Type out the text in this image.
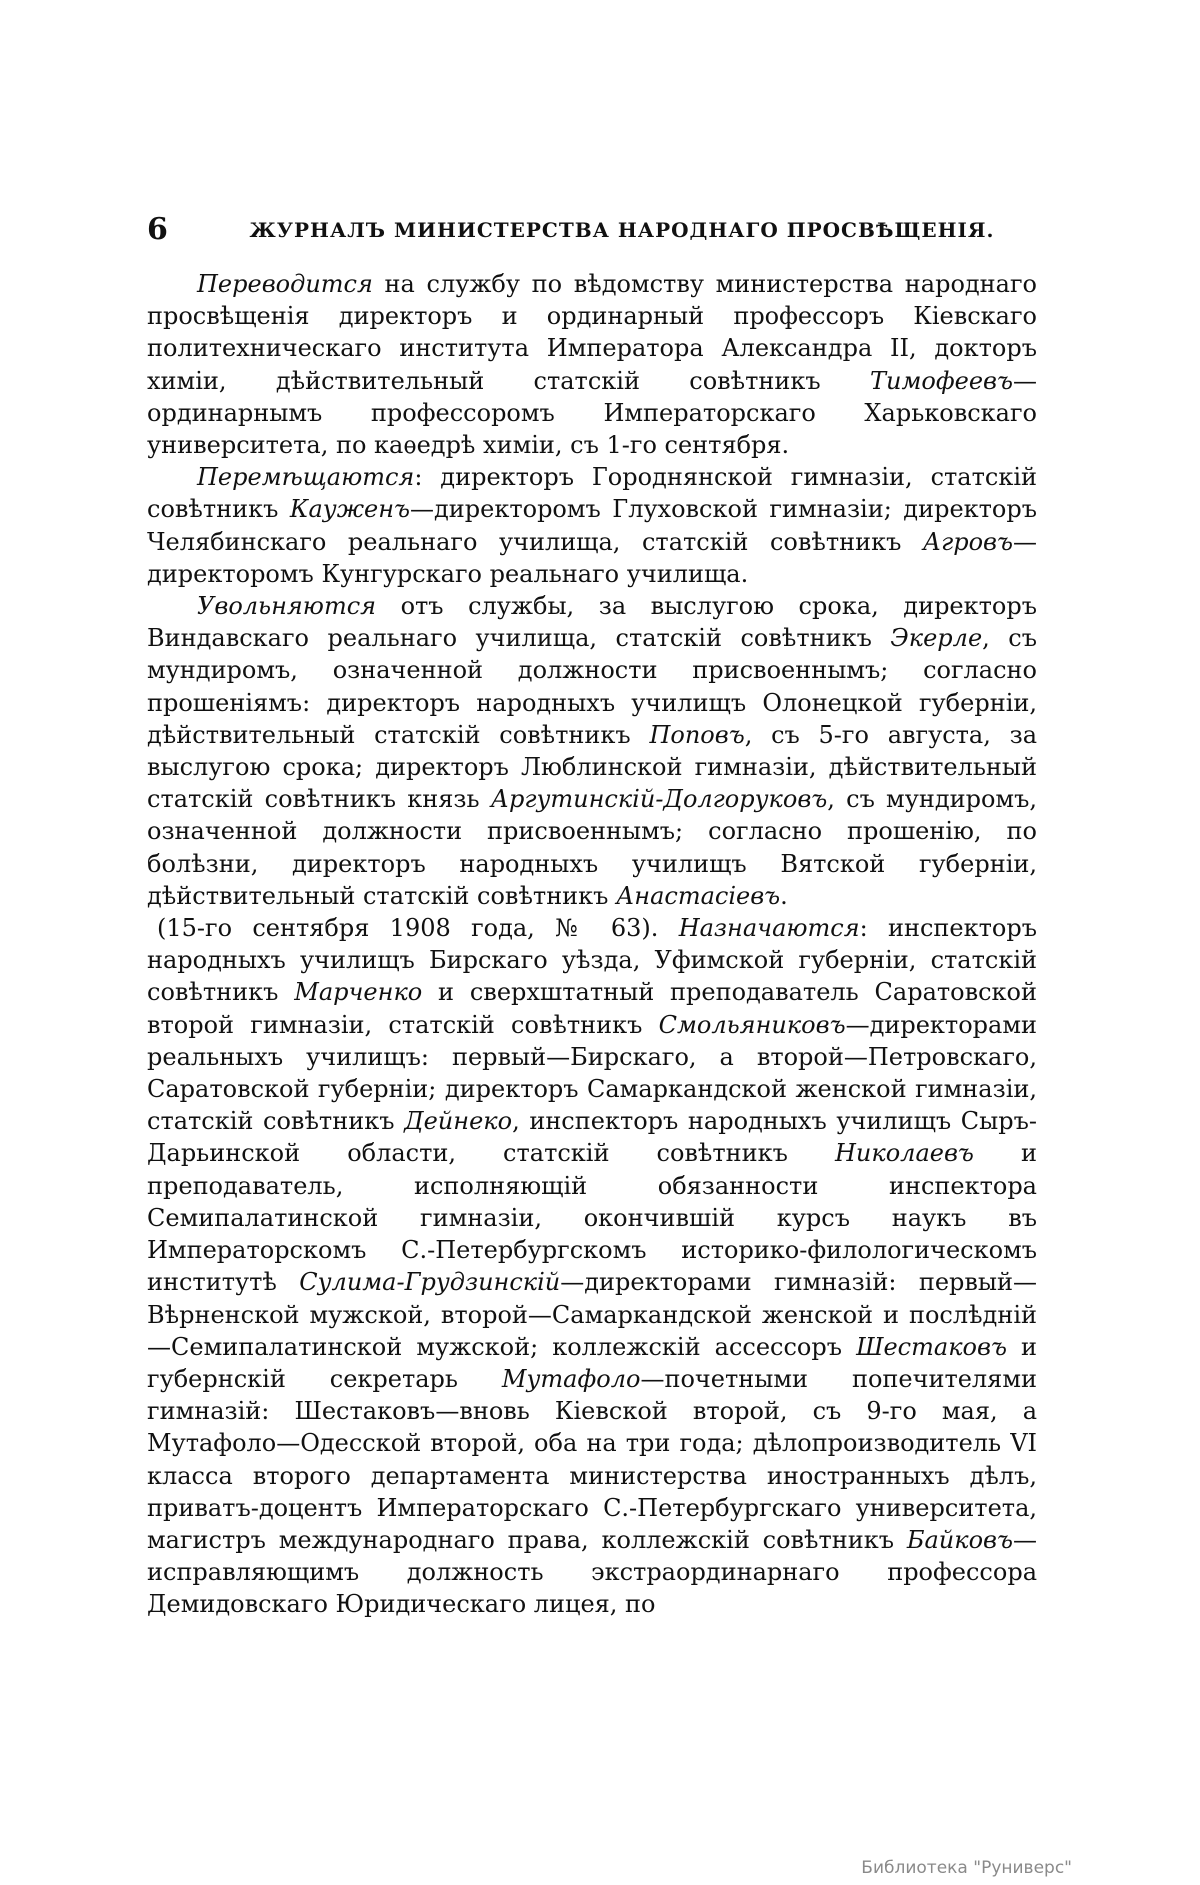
6	ЖУРНАЛЪ МИНИСТЕРСТВА НАРОДНАГО ПРОСВѢЩЕНІЯ.

Переводится на службу по вѣдомству министерства народнаго просвѣщенія директоръ и ординарный профессоръ Кіевскаго политехническаго института Императора Александра II, докторъ химіи, дѣйствительный статскій совѣтникъ Тимофеевъ—ординарнымъ профессоромъ Императорскаго Харьковскаго университета, по каѳедрѣ химіи, съ 1-го сентября.

Перемѣщаются: директоръ Городнянской гимназіи, статскій совѣтникъ Кауженъ—директоромъ Глуховской гимназіи; директоръ Челябинскаго реальнаго училища, статскій совѣтникъ Агровъ—директоромъ Кунгурскаго реальнаго училища.

Увольняются отъ службы, за выслугою срока, директоръ Виндавскаго реальнаго училища, статскій совѣтникъ Экерле, съ мундиромъ, означенной должности присвоеннымъ; согласно прошеніямъ: директоръ народныхъ училищъ Олонецкой губерніи, дѣйствительный статскій совѣтникъ Поповъ, съ 5-го августа, за выслугою срока; директоръ Люблинской гимназіи, дѣйствительный статскій совѣтникъ князь Аргутинскій-Долгоруковъ, съ мундиромъ, означенной должности присвоеннымъ; согласно прошенію, по болѣзни, директоръ народныхъ училищъ Вятской губерніи, дѣйствительный статскій совѣтникъ Анастасіевъ.

(15-го сентября 1908 года, № 63). Назначаются: инспекторъ народныхъ училищъ Бирскаго уѣзда, Уфимской губерніи, статскій совѣтникъ Марченко и сверхштатный преподаватель Саратовской второй гимназіи, статскій совѣтникъ Смольяниковъ—директорами реальныхъ училищъ: первый—Бирскаго, а второй—Петровскаго, Саратовской губерніи; директоръ Самаркандской женской гимназіи, статскій совѣтникъ Дейнеко, инспекторъ народныхъ училищъ Сыръ-Дарьинской области, статскій совѣтникъ Николаевъ и преподаватель, исполняющій обязанности инспектора Семипалатинской гимназіи, окончившій курсъ наукъ въ Императорскомъ С.-Петербургскомъ историко-филологическомъ институтѣ Сулима-Грудзинскій—директорами гимназій: первый—Вѣрненской мужской, второй—Самаркандской женской и послѣдній—Семипалатинской мужской; коллежскій ассессоръ Шестаковъ и губернскій секретарь Мутафоло—почетными попечителями гимназій: Шестаковъ—вновь Кіевской второй, съ 9-го мая, а Мутафоло—Одесской второй, оба на три года; дѣлопроизводитель VI класса второго департамента министерства иностранныхъ дѣлъ, приватъ-доцентъ Императорскаго С.-Петербургскаго университета, магистръ международнаго права, коллежскій совѣтникъ Байковъ—исправляющимъ должность экстраординарнаго профессора Демидовскаго Юридическаго лицея, по

Библиотека "Руниверс"
